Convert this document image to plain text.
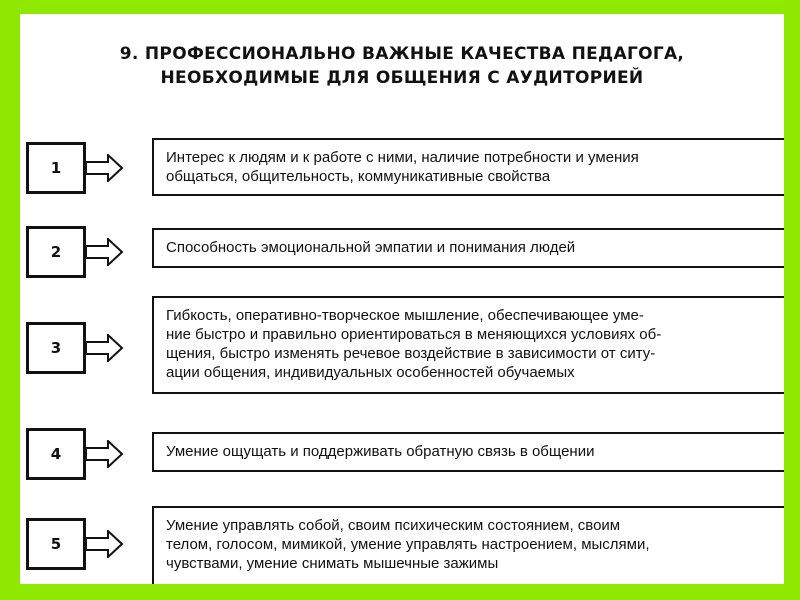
9. ПРОФЕССИОНАЛЬНО ВАЖНЫЕ КАЧЕСТВА ПЕДАГОГА,
НЕОБХОДИМЫЕ ДЛЯ ОБЩЕНИЯ С АУДИТОРИЕЙ
1
Интерес к людям и к работе с ними, наличие потребности и умения
общаться, общительность, коммуникативные свойства
2	Способность эмоциональной эмпатии и понимания людей
3
Гибкость, оперативно-творческое мышление, обеспечивающее уме-
ние быстро и правильно ориентироваться в меняющихся условиях об-
щения, быстро изменять речевое воздействие в зависимости от ситу-
ации общения, индивидуальных особенностей обучаемых
4	Умение ощущать и поддерживать обратную связь в общении
5
Умение управлять собой, своим психическим состоянием, своим
телом, голосом, мимикой, умение управлять настроением, мыслями,
чувствами, умение снимать мышечные зажимы
